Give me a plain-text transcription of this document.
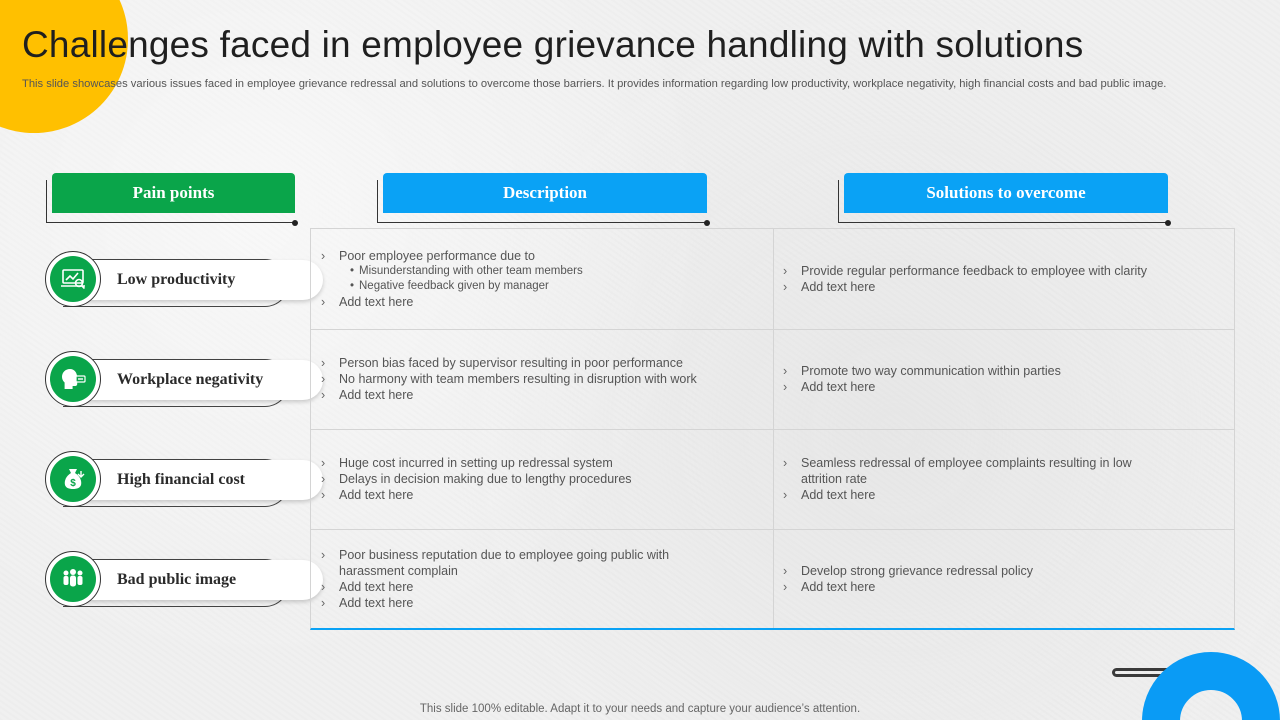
Challenges faced in employee grievance handling with solutions
This slide showcases various issues faced in employee grievance redressal and solutions to overcome those barriers. It provides information regarding low productivity, workplace negativity, high financial costs and bad public image.
Pain points	Description	Solutions to overcome
Low productivity
Workplace negativity
High financial cost
$
Bad public image
› Poor employee performance due to
• Misunderstanding with other team members
• Negative feedback given by manager
› Add text here
› Provide regular performance feedback to employee with clarity
› Add text here
› Person bias faced by supervisor resulting in poor performance
› No harmony with team members resulting in disruption with work
› Add text here
› Promote two way communication within parties
› Add text here
› Huge cost incurred in setting up redressal system
› Delays in decision making due to lengthy procedures
› Add text here
› Seamless redressal of employee complaints resulting in low attrition rate
› Add text here
› Poor business reputation due to employee going public with harassment complain
› Add text here
› Add text here
› Develop strong grievance redressal policy
› Add text here
This slide 100% editable. Adapt it to your needs and capture your audience’s attention.
